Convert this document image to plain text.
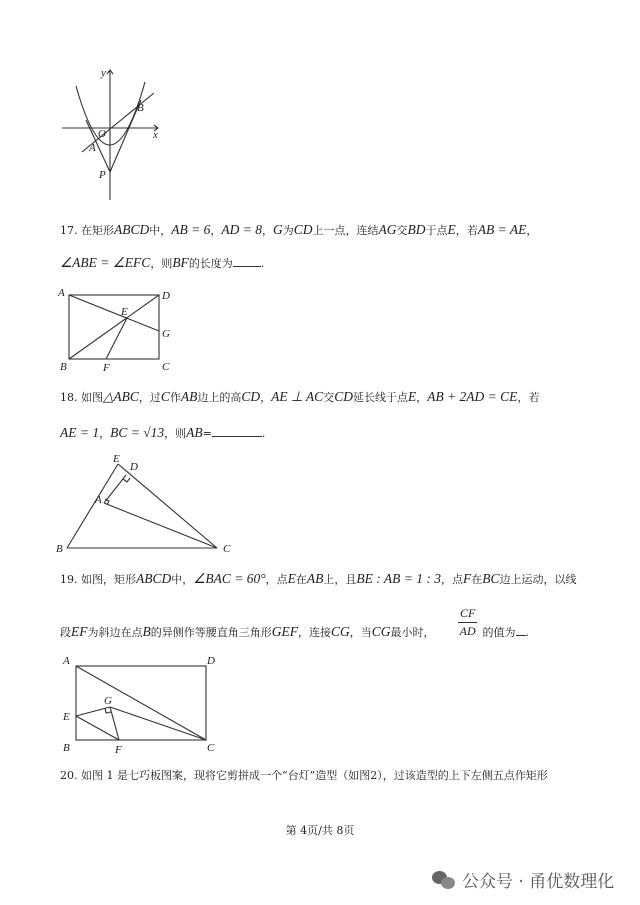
y
x
O
A
B
P
A	D
B	F	C
E
G
E
D
A
B	C
A	D
E
G
B	F	C
17. 在矩形ABCD中，AB = 6，AD = 8，G为CD上一点，连结AG交BD于点E，若AB = AE，
∠ABE = ∠EFC，则BF的长度为	.
18. 如图△ABC，过C作AB边上的高CD，AE ⊥ AC交CD延长线于点E，AB + 2AD = CE，若
AE = 1，BC = √13，则AB=	.
19. 如图，矩形ABCD中，∠BAC = 60°，点E在AB上，且BE : AB = 1 : 3，点F在BC边上运动，以线
段EF为斜边在点B的异侧作等腰直角三角形GEF，连接CG，当CG最小时，	的值为 .
$\frac{CF}{AD}$
20. 如图 1 是七巧板图案，现将它剪拼成一个“台灯”造型（如图2），过该造型的上下左侧五点作矩形
第 4页/共 8页
公众号 · 甬优数理化
